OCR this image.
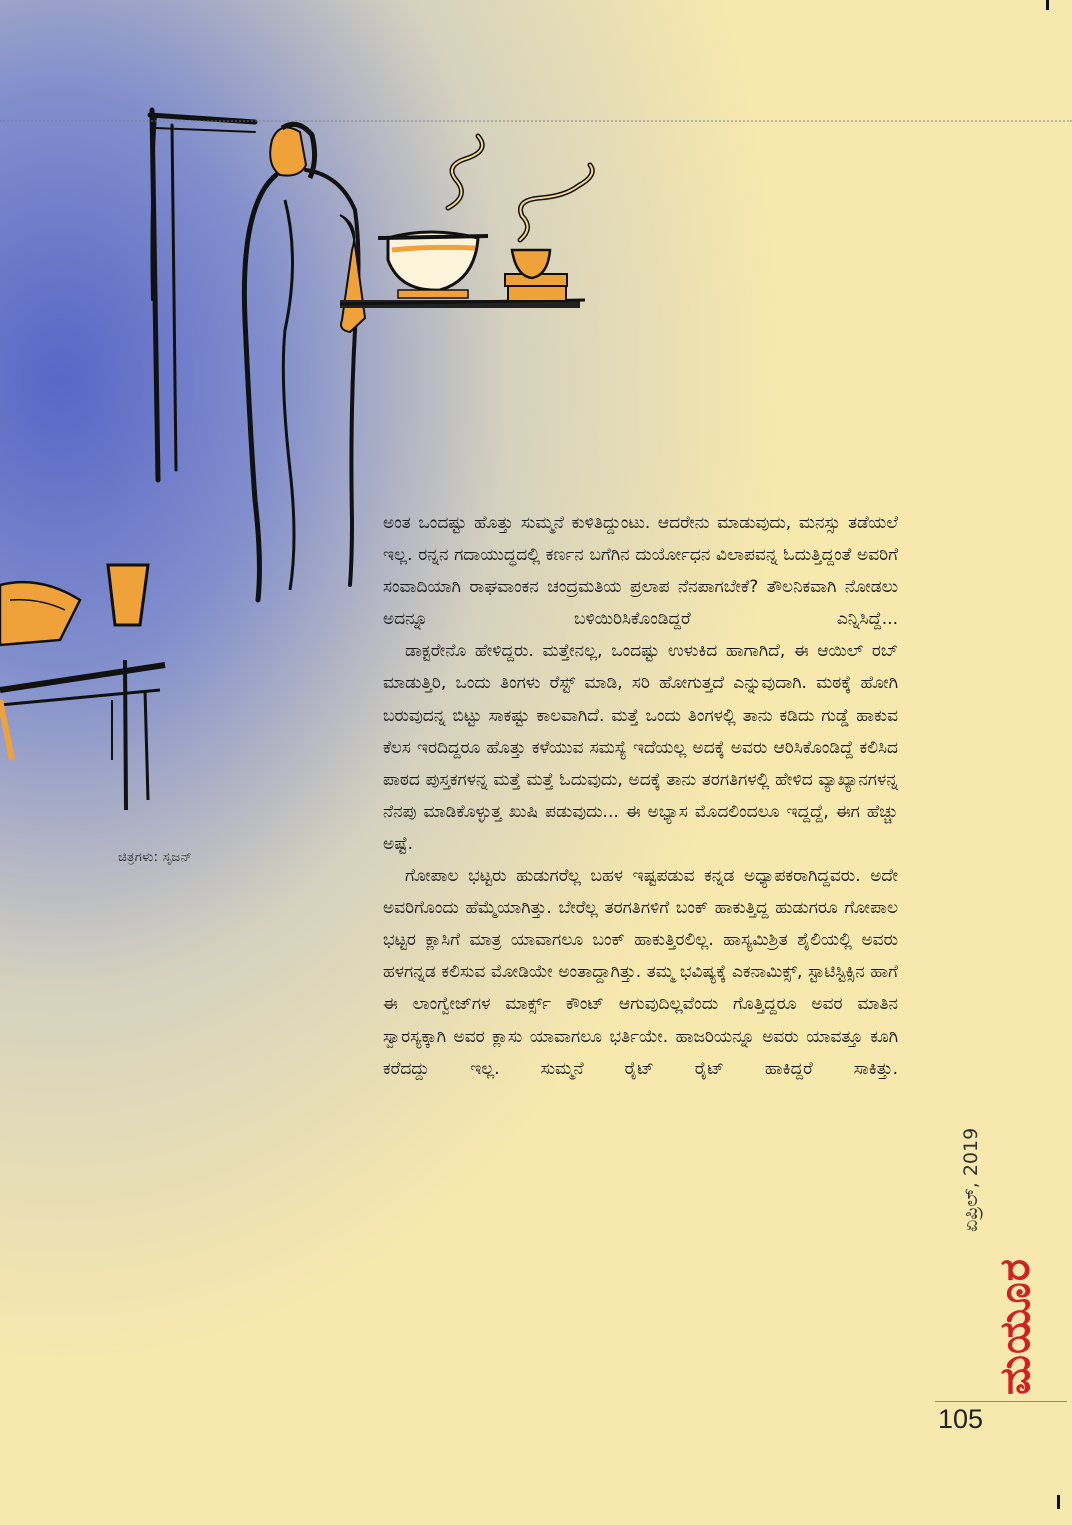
ಚಿತ್ರಗಳು: ಸೃಜನ್

ಅಂತ ಒಂದಷ್ಟು ಹೊತ್ತು ಸುಮ್ಮನೆ ಕುಳಿತಿದ್ದುಂಟು. ಆದರೇನು ಮಾಡುವುದು, ಮನಸ್ಸು ತಡೆಯಲೆ ಇಲ್ಲ. ರನ್ನನ ಗದಾಯುದ್ಧದಲ್ಲಿ ಕರ್ಣನ ಬಗೆಗಿನ ದುರ್ಯೋಧನ ವಿಲಾಪವನ್ನ ಓದುತ್ತಿದ್ದಂತೆ ಅವರಿಗೆ ಸಂವಾದಿಯಾಗಿ ರಾಘವಾಂಕನ ಚಂದ್ರಮತಿಯ ಪ್ರಲಾಪ ನೆನಪಾಗಬೇಕೆ? ತೌಲನಿಕವಾಗಿ ನೋಡಲು ಅದನ್ನೂ ಬಳಿಯಿರಿಸಿಕೊಂಡಿದ್ದರೆ ಎನ್ನಿಸಿದ್ದೆ...

ಡಾಕ್ಟರೇನೊ ಹೇಳಿದ್ದರು. ಮತ್ತೇನಲ್ಲ, ಒಂದಷ್ಟು ಉಳುಕಿದ ಹಾಗಾಗಿದೆ, ಈ ಆಯಿಲ್ ರಬ್ ಮಾಡುತ್ತಿರಿ, ಒಂದು ತಿಂಗಳು ರೆಸ್ಟ್ ಮಾಡಿ, ಸರಿ ಹೋಗುತ್ತದೆ ಎನ್ನುವುದಾಗಿ. ಮಠಕ್ಕೆ ಹೋಗಿ ಬರುವುದನ್ನ ಬಿಟ್ಟು ಸಾಕಷ್ಟು ಕಾಲವಾಗಿದೆ. ಮತ್ತೆ ಒಂದು ತಿಂಗಳಲ್ಲಿ ತಾನು ಕಡಿದು ಗುಡ್ಡೆ ಹಾಕುವ ಕೆಲಸ ಇರದಿದ್ದರೂ ಹೊತ್ತು ಕಳೆಯುವ ಸಮಸ್ಯೆ ಇದೆಯಲ್ಲ ಅದಕ್ಕೆ ಅವರು ಆರಿಸಿಕೊಂಡಿದ್ದೆ ಕಲಿಸಿದ ಪಾಠದ ಪುಸ್ತಕಗಳನ್ನ ಮತ್ತೆ ಮತ್ತೆ ಓದುವುದು, ಅದಕ್ಕೆ ತಾನು ತರಗತಿಗಳಲ್ಲಿ ಹೇಳಿದ ವ್ಯಾಖ್ಯಾನಗಳನ್ನ ನೆನಪು ಮಾಡಿಕೊಳ್ಳುತ್ತ ಖುಷಿ ಪಡುವುದು... ಈ ಅಭ್ಯಾಸ ಮೊದಲಿಂದಲೂ ಇದ್ದದ್ದೆ, ಈಗ ಹೆಚ್ಚು ಅಷ್ಟೆ.

ಗೋಪಾಲ ಭಟ್ಟರು ಹುಡುಗರೆಲ್ಲ ಬಹಳ ಇಷ್ಟಪಡುವ ಕನ್ನಡ ಅಧ್ಯಾಪಕರಾಗಿದ್ದವರು. ಅದೇ ಅವರಿಗೊಂದು ಹೆಮ್ಮೆಯಾಗಿತ್ತು. ಬೇರೆಲ್ಲ ತರಗತಿಗಳಿಗೆ ಬಂಕ್ ಹಾಕುತ್ತಿದ್ದ ಹುಡುಗರೂ ಗೋಪಾಲ ಭಟ್ಟರ ಕ್ಲಾಸಿಗೆ ಮಾತ್ರ ಯಾವಾಗಲೂ ಬಂಕ್ ಹಾಕುತ್ತಿರಲಿಲ್ಲ. ಹಾಸ್ಯಮಿಶ್ರಿತ ಶೈಲಿಯಲ್ಲಿ ಅವರು ಹಳಗನ್ನಡ ಕಲಿಸುವ ಮೋಡಿಯೇ ಅಂತಾದ್ದಾಗಿತ್ತು. ತಮ್ಮ ಭವಿಷ್ಯಕ್ಕೆ ಎಕನಾಮಿಕ್ಸ್, ಸ್ಟಾಟಿಸ್ಟಿಕ್ಸಿನ ಹಾಗೆ ಈ ಲಾಂಗ್ವೇಜ್‌ಗಳ ಮಾರ್ಕ್ಸ್ ಕೌಂಟ್ ಆಗುವುದಿಲ್ಲವೆಂದು ಗೊತ್ತಿದ್ದರೂ ಅವರ ಮಾತಿನ ಸ್ವಾರಸ್ಯಕ್ಕಾಗಿ ಅವರ ಕ್ಲಾಸು ಯಾವಾಗಲೂ ಭರ್ತಿಯೇ. ಹಾಜರಿಯನ್ನೂ ಅವರು ಯಾವತ್ತೂ ಕೂಗಿ ಕರೆದದ್ದು ಇಲ್ಲ. ಸುಮ್ಮನೆ ರೈಟ್ ರೈಟ್ ಹಾಕಿದ್ದರೆ ಸಾಕಿತ್ತು.

ಏಪ್ರಿಲ್, 2019
ಮಯೂರ
105
